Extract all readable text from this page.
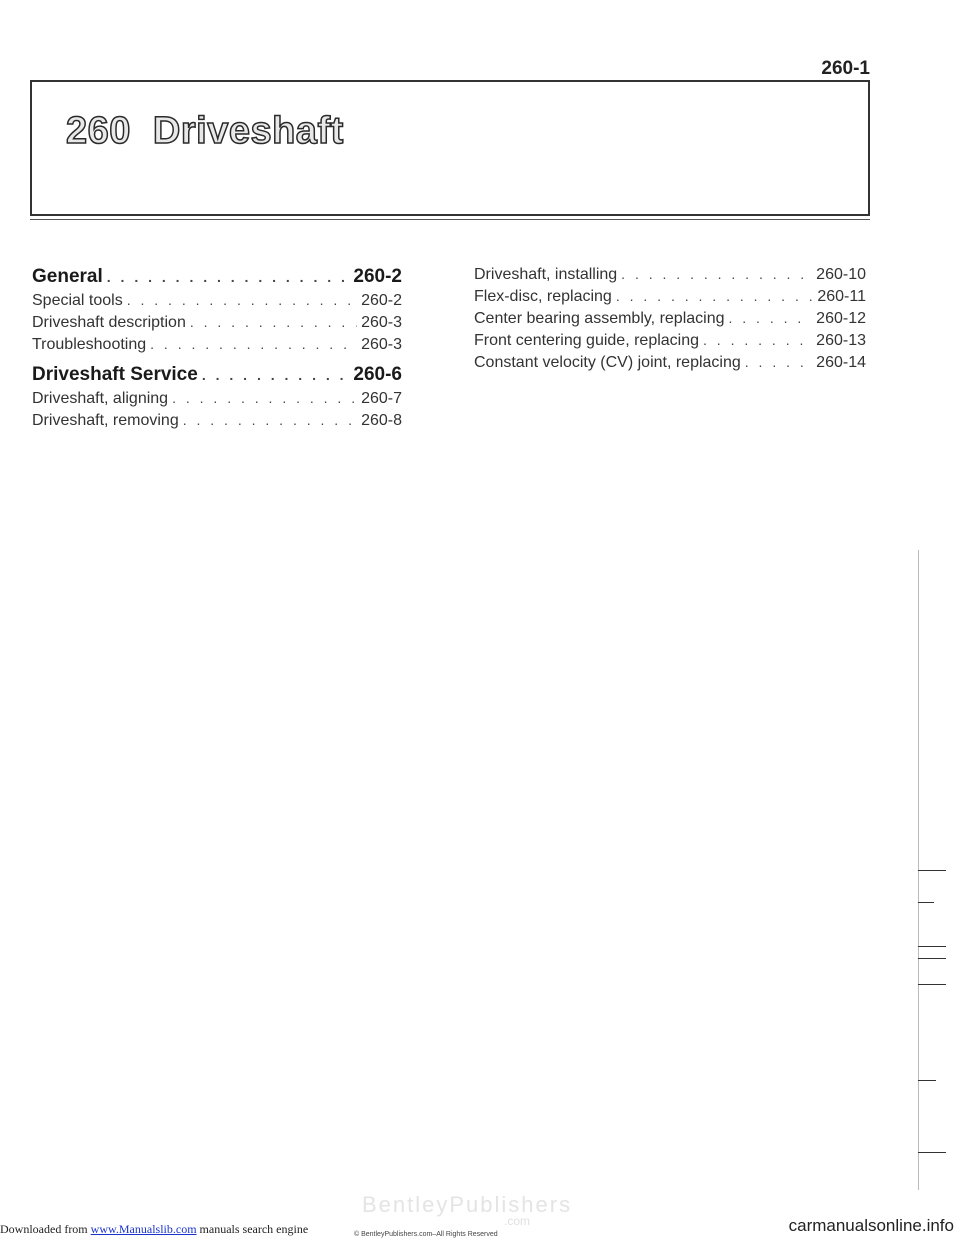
260-1
260 Driveshaft
General . . .	260-2
Special tools . . .	260-2
Driveshaft description . . .	260-3
Troubleshooting . . .	260-3
Driveshaft Service . . .	260-6
Driveshaft, aligning . . .	260-7
Driveshaft, removing . . .	260-8
Driveshaft, installing . . .	260-10
Flex-disc, replacing . . .	260-11
Center bearing assembly, replacing . . .	260-12
Front centering guide, replacing . . .	260-13
Constant velocity (CV) joint, replacing . . .	260-14
BentleyPublishers
.com
© BentleyPublishers.com–All Rights Reserved
Downloaded from www.Manualslib.com manuals search engine	carmanualsonline.info
